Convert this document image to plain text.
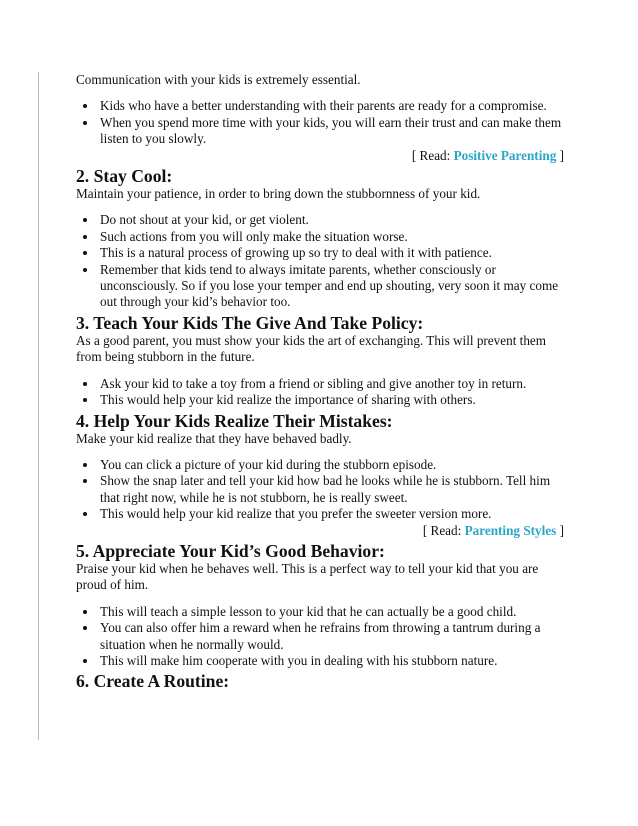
Communication with your kids is extremely essential.

• Kids who have a better understanding with their parents are ready for a compromise.
• When you spend more time with your kids, you will earn their trust and can make them listen to you slowly.

[ Read: Positive Parenting ]

2. Stay Cool:

Maintain your patience, in order to bring down the stubbornness of your kid.

• Do not shout at your kid, or get violent.
• Such actions from you will only make the situation worse.
• This is a natural process of growing up so try to deal with it with patience.
• Remember that kids tend to always imitate parents, whether consciously or unconsciously. So if you lose your temper and end up shouting, very soon it may come out through your kid’s behavior too.
3. Teach Your Kids The Give And Take Policy:

As a good parent, you must show your kids the art of exchanging. This will prevent them from being stubborn in the future.

• Ask your kid to take a toy from a friend or sibling and give another toy in return.
• This would help your kid realize the importance of sharing with others.
4. Help Your Kids Realize Their Mistakes:

Make your kid realize that they have behaved badly.

• You can click a picture of your kid during the stubborn episode.
• Show the snap later and tell your kid how bad he looks while he is stubborn. Tell him that right now, while he is not stubborn, he is really sweet.
• This would help your kid realize that you prefer the sweeter version more.

[ Read: Parenting Styles ]

5. Appreciate Your Kid’s Good Behavior:

Praise your kid when he behaves well. This is a perfect way to tell your kid that you are proud of him.

• This will teach a simple lesson to your kid that he can actually be a good child.
• You can also offer him a reward when he refrains from throwing a tantrum during a situation when he normally would.
• This will make him cooperate with you in dealing with his stubborn nature.
6. Create A Routine:
